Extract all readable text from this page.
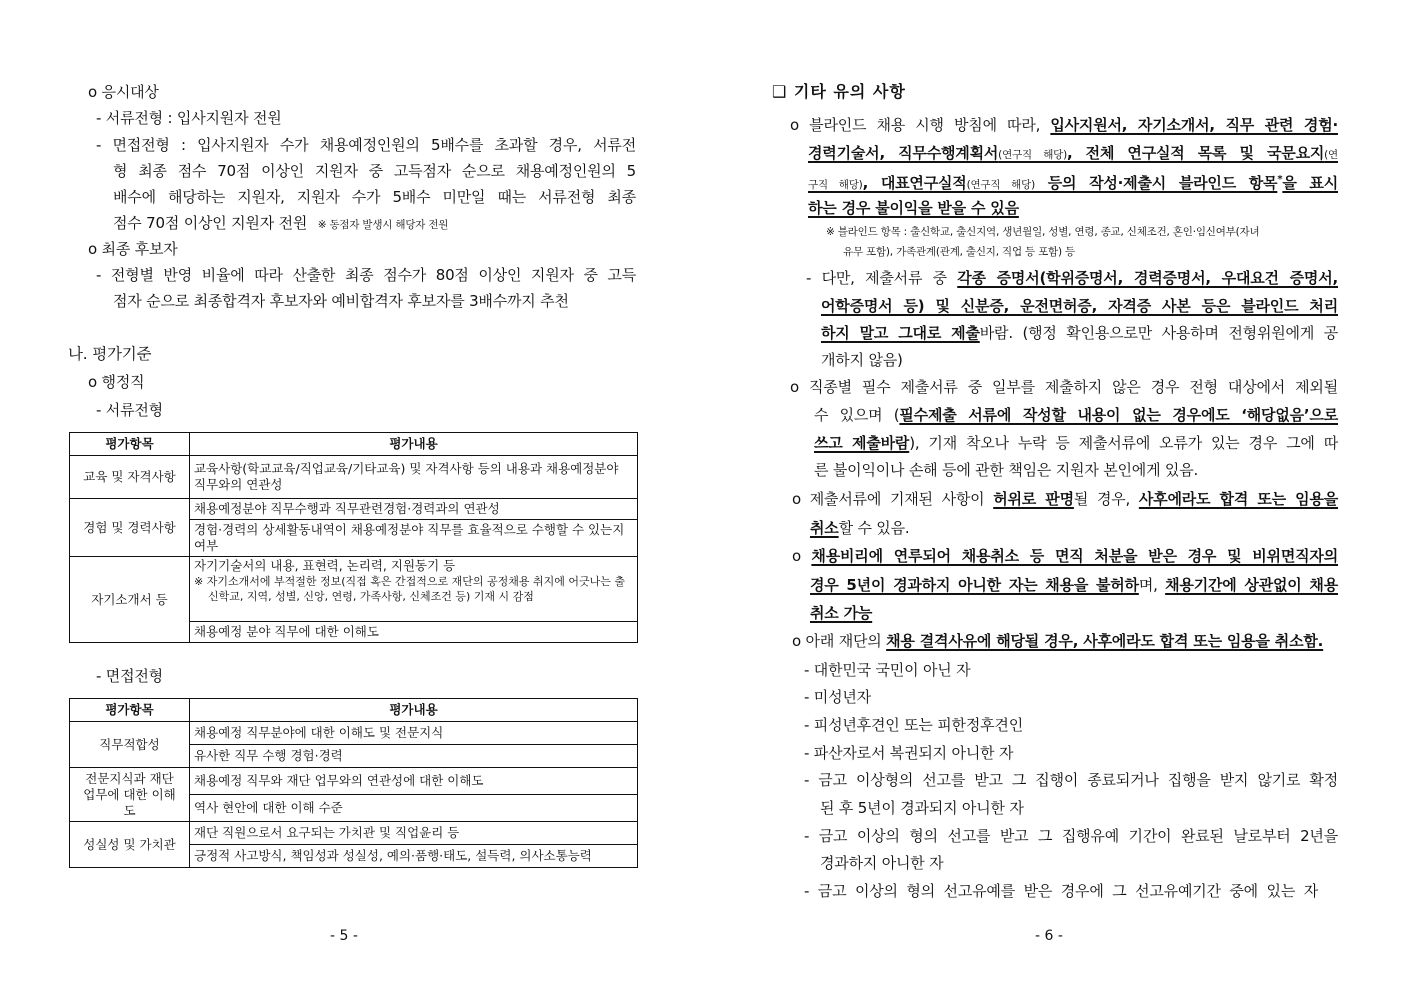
o 응시대상
- 서류전형 : 입사지원자 전원
- 면접전형 : 입사지원자 수가 채용예정인원의 5배수를 초과할 경우, 서류전
형 최종 점수 70점 이상인 지원자 중 고득점자 순으로 채용예정인원의 5
배수에 해당하는 지원자, 지원자 수가 5배수 미만일 때는 서류전형 최종
점수 70점 이상인 지원자 전원 ※ 동점자 발생시 해당자 전원
o 최종 후보자
- 전형별 반영 비율에 따라 산출한 최종 점수가 80점 이상인 지원자 중 고득
점자 순으로 최종합격자 후보자와 예비합격자 후보자를 3배수까지 추천
나. 평가기준
o 행정직
- 서류전형
평가항목	평가내용
교육 및 자격사항	교육사항(학교교육/직업교육/기타교육) 및 자격사항 등의 내용과 채용예정분야 직무와의 연관성
경험 및 경력사항	채용예정분야 직무수행과 직무관련경험·경력과의 연관성
	경험·경력의 상세활동내역이 채용예정분야 직무를 효율적으로 수행할 수 있는지 여부
자기소개서 등	자기기술서의 내용, 표현력, 논리력, 지원동기 등
※ 자기소개서에 부적절한 정보(직접 혹은 간접적으로 재단의 공정채용 취지에 어긋나는 출신학교, 지역, 성별, 신앙, 연령, 가족사항, 신체조건 등) 기재 시 감점

	채용예정 분야 직무에 대한 이해도
- 면접전형
평가항목	평가내용
직무적합성	채용예정 직무분야에 대한 이해도 및 전문지식
	유사한 직무 수행 경험·경력
전문지식과 재단 업무에 대한 이해도	채용예정 직무와 재단 업무와의 연관성에 대한 이해도
	역사 현안에 대한 이해 수준
성실성 및 가치관	재단 직원으로서 요구되는 가치관 및 직업윤리 등
	긍정적 사고방식, 책임성과 성실성, 예의·품행·태도, 설득력, 의사소통능력
- 5 -
❑ 기타 유의 사항
o 블라인드 채용 시행 방침에 따라, 입사지원서, 자기소개서, 직무 관련 경험·
경력기술서, 직무수행계획서(연구직 해당), 전체 연구실적 목록 및 국문요지(연
구직 해당), 대표연구실적(연구직 해당) 등의 작성·제출시 블라인드 항목*을 표시
하는 경우 불이익을 받을 수 있음
※ 블라인드 항목 : 출신학교, 출신지역, 생년월일, 성별, 연령, 종교, 신체조건, 혼인·임신여부(자녀
유무 포함), 가족관계(관계, 출신지, 직업 등 포함) 등
- 다만, 제출서류 중 각종 증명서(학위증명서, 경력증명서, 우대요건 증명서,
어학증명서 등) 및 신분증, 운전면허증, 자격증 사본 등은 블라인드 처리
하지 말고 그대로 제출바람. (행정 확인용으로만 사용하며 전형위원에게 공
개하지 않음)
o 직종별 필수 제출서류 중 일부를 제출하지 않은 경우 전형 대상에서 제외될
수 있으며 (필수제출 서류에 작성할 내용이 없는 경우에도 ‘해당없음’으로
쓰고 제출바람), 기재 착오나 누락 등 제출서류에 오류가 있는 경우 그에 따
른 불이익이나 손해 등에 관한 책임은 지원자 본인에게 있음.
o 제출서류에 기재된 사항이 허위로 판명될 경우, 사후에라도 합격 또는 임용을
취소할 수 있음.
o 채용비리에 연루되어 채용취소 등 면직 처분을 받은 경우 및 비위면직자의
경우 5년이 경과하지 아니한 자는 채용을 불허하며, 채용기간에 상관없이 채용
취소 가능
o 아래 재단의 채용 결격사유에 해당될 경우, 사후에라도 합격 또는 임용을 취소함.
- 대한민국 국민이 아닌 자
- 미성년자
- 피성년후견인 또는 피한정후견인
- 파산자로서 복권되지 아니한 자
- 금고 이상형의 선고를 받고 그 집행이 종료되거나 집행을 받지 않기로 확정
된 후 5년이 경과되지 아니한 자
- 금고 이상의 형의 선고를 받고 그 집행유예 기간이 완료된 날로부터 2년을
경과하지 아니한 자
- 금고 이상의 형의 선고유예를 받은 경우에 그 선고유예기간 중에 있는 자
- 6 -
